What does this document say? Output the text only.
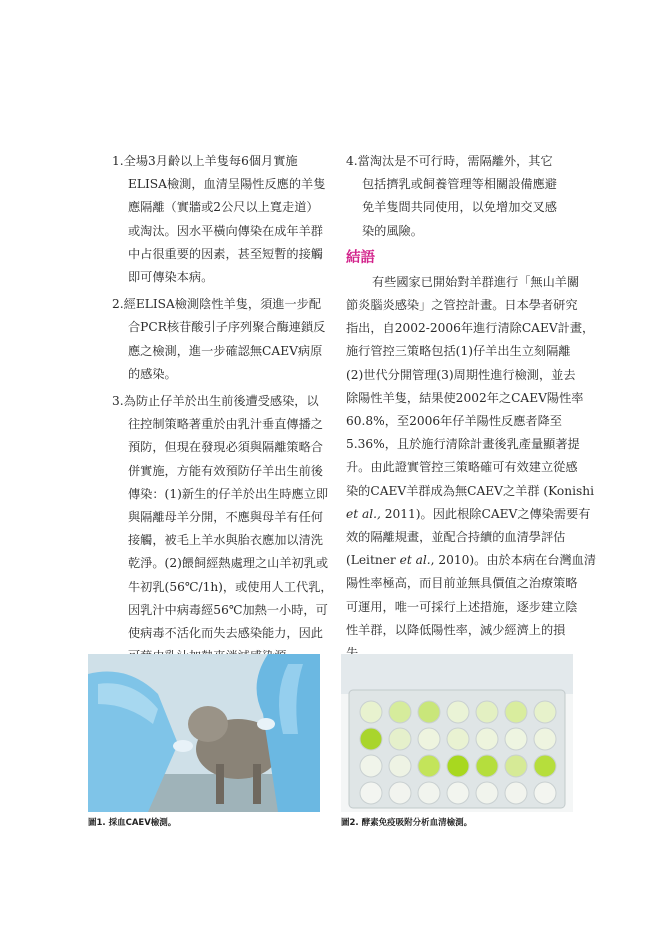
1.全場3月齡以上羊隻每6個月實施
ELISA檢測，血清呈陽性反應的羊隻
應隔離（實牆或2公尺以上寬走道）
或淘汰。因水平橫向傳染在成年羊群
中占很重要的因素，甚至短暫的接觸
即可傳染本病。
2.經ELISA檢測陰性羊隻，須進一步配
合PCR核苷酸引子序列聚合酶連鎖反
應之檢測，進一步確認無CAEV病原
的感染。
3.為防止仔羊於出生前後遭受感染，以
往控制策略著重於由乳汁垂直傳播之
預防，但現在發現必須與隔離策略合
併實施，方能有效預防仔羊出生前後
傳染：(1)新生的仔羊於出生時應立即
與隔離母羊分開，不應與母羊有任何
接觸，被毛上羊水與胎衣應加以清洗
乾淨。(2)餵飼經熱處理之山羊初乳或
牛初乳(56℃/1h)，或使用人工代乳，
因乳汁中病毒經56℃加熱一小時，可
使病毒不活化而失去感染能力，因此
4.當淘汰是不可行時，需隔離外，其它
包括擠乳或飼養管理等相關設備應避
免羊隻間共同使用，以免增加交叉感
染的風險。
結語
有些國家已開始對羊群進行「無山羊關
節炎腦炎感染」之管控計畫。日本學者研究
指出，自2002-2006年進行清除CAEV計畫，
施行管控三策略包括(1)仔羊出生立刻隔離
(2)世代分開管理(3)周期性進行檢測，並去
除陽性羊隻，結果使2002年之CAEV陽性率
60.8%，至2006年仔羊陽性反應者降至
5.36%，且於施行清除計畫後乳產量顯著提
升。由此證實管控三策略確可有效建立從感
染的CAEV羊群成為無CAEV之羊群 (Konishi
et al., 2011)。因此根除CAEV之傳染需要有
效的隔離規畫，並配合持續的血清學評估
(Leitner et al., 2010)。由於本病在台灣血清
陽性率極高，而目前並無具價值之治療策略
可運用，唯一可採行上述措施，逐步建立陰
性羊群，以降低陽性率，減少經濟上的損
圖1. 採血CAEV檢測。	圖2. 酵素免疫吸附分析血清檢測。
